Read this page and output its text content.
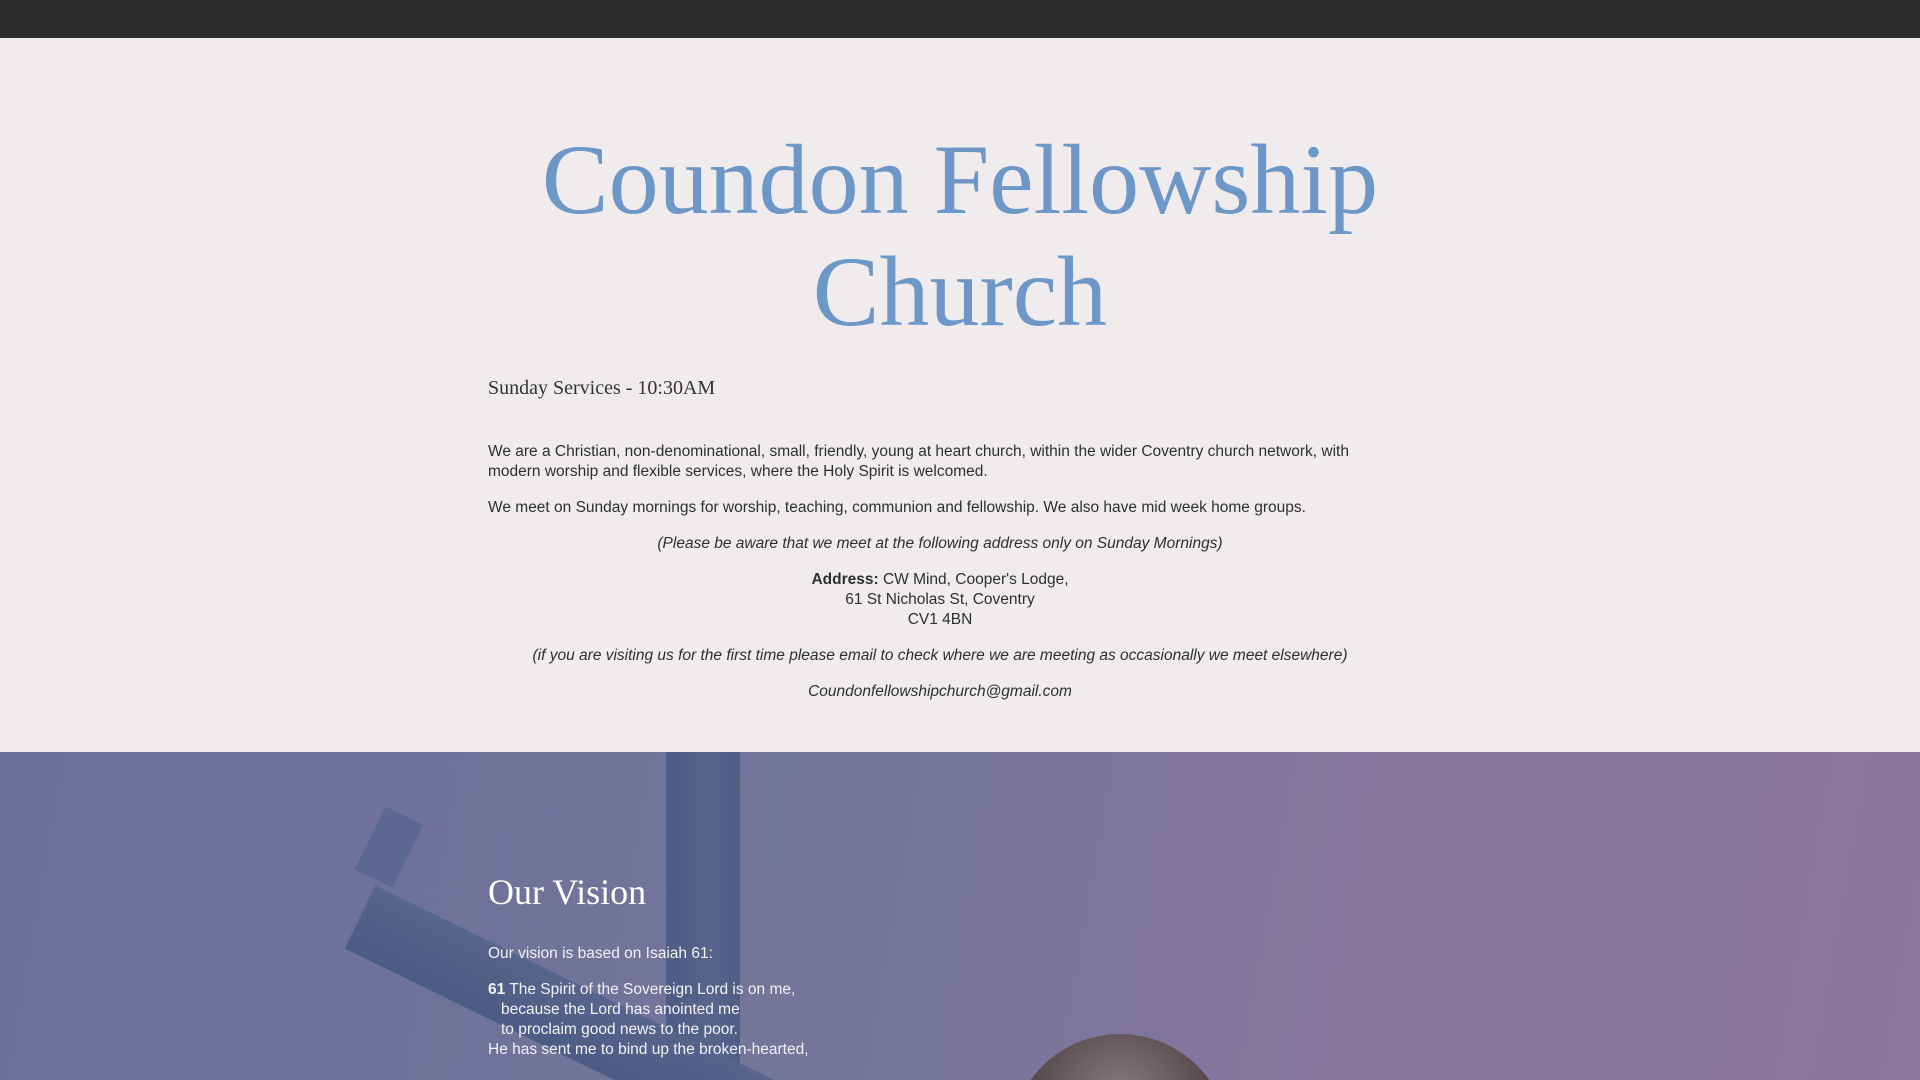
Coundon Fellowship
Church
Sunday Services - 10:30AM

We are a Christian, non-denominational, small, friendly, young at heart church, within the wider Coventry church network, with modern worship and flexible services, where the Holy Spirit is welcomed.

We meet on Sunday mornings for worship, teaching, communion and fellowship. We also have mid week home groups.

(Please be aware that we meet at the following address only on Sunday Mornings)

Address: CW Mind, Cooper's Lodge,
61 St Nicholas St, Coventry
CV1 4BN

(if you are visiting us for the first time please email to check where we are meeting as occasionally we meet elsewhere)

Coundonfellowshipchurch@gmail.com

Our Vision

Our vision is based on Isaiah 61:

61 The Spirit of the Sovereign Lord is on me,
because the Lord has anointed me
to proclaim good news to the poor.
He has sent me to bind up the broken-hearted,
